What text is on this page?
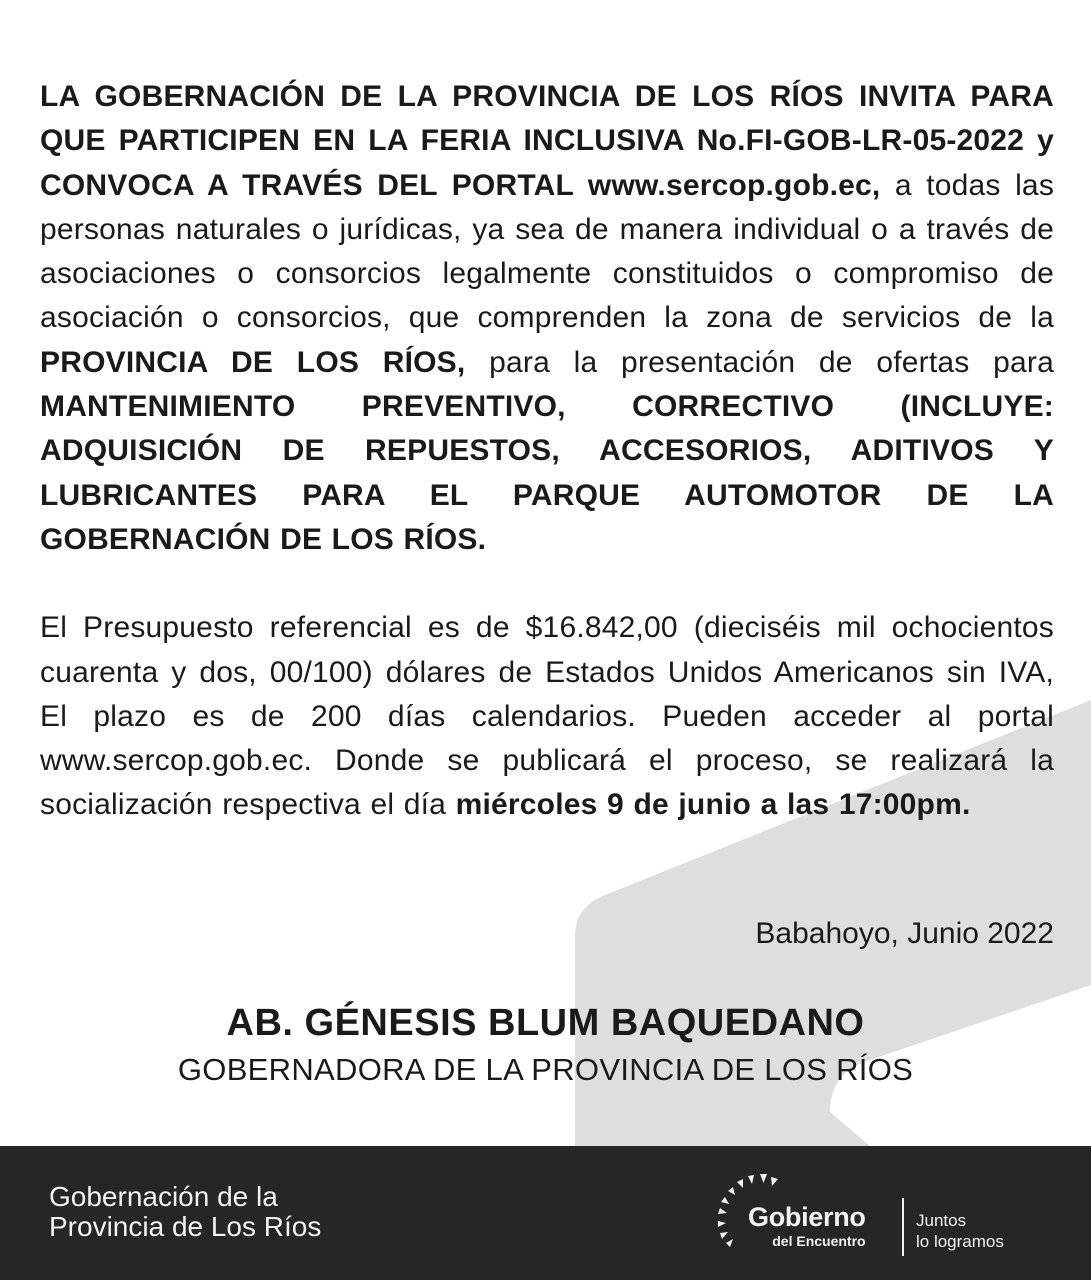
LA GOBERNACIÓN DE LA PROVINCIA DE LOS RÍOS INVITA PARA QUE PARTICIPEN EN LA FERIA INCLUSIVA No.FI-GOB-LR-05-2022 y CONVOCA A TRAVÉS DEL PORTAL www.sercop.gob.ec, a todas las personas naturales o jurídicas, ya sea de manera individual o a través de asociaciones o consorcios legalmente constituidos o compromiso de asociación o consorcios, que comprenden la zona de servicios de la PROVINCIA DE LOS RÍOS, para la presentación de ofertas para MANTENIMIENTO PREVENTIVO, CORRECTIVO (INCLUYE: ADQUISICIÓN DE REPUESTOS, ACCESORIOS, ADITIVOS Y LUBRICANTES PARA EL PARQUE AUTOMOTOR DE LA GOBERNACIÓN DE LOS RÍOS.

El Presupuesto referencial es de $16.842,00 (dieciséis mil ochocientos cuarenta y dos, 00/100) dólares de Estados Unidos Americanos sin IVA, El plazo es de 200 días calendarios. Pueden acceder al portal www.sercop.gob.ec. Donde se publicará el proceso, se realizará la socialización respectiva el día miércoles 9 de junio a las 17:00pm.

Babahoyo, Junio 2022
AB. GÉNESIS BLUM BAQUEDANO
GOBERNADORA DE LA PROVINCIA DE LOS RÍOS
Gobernación de la
Provincia de Los Ríos	Gobierno
del Encuentro
Juntos
lo logramos
